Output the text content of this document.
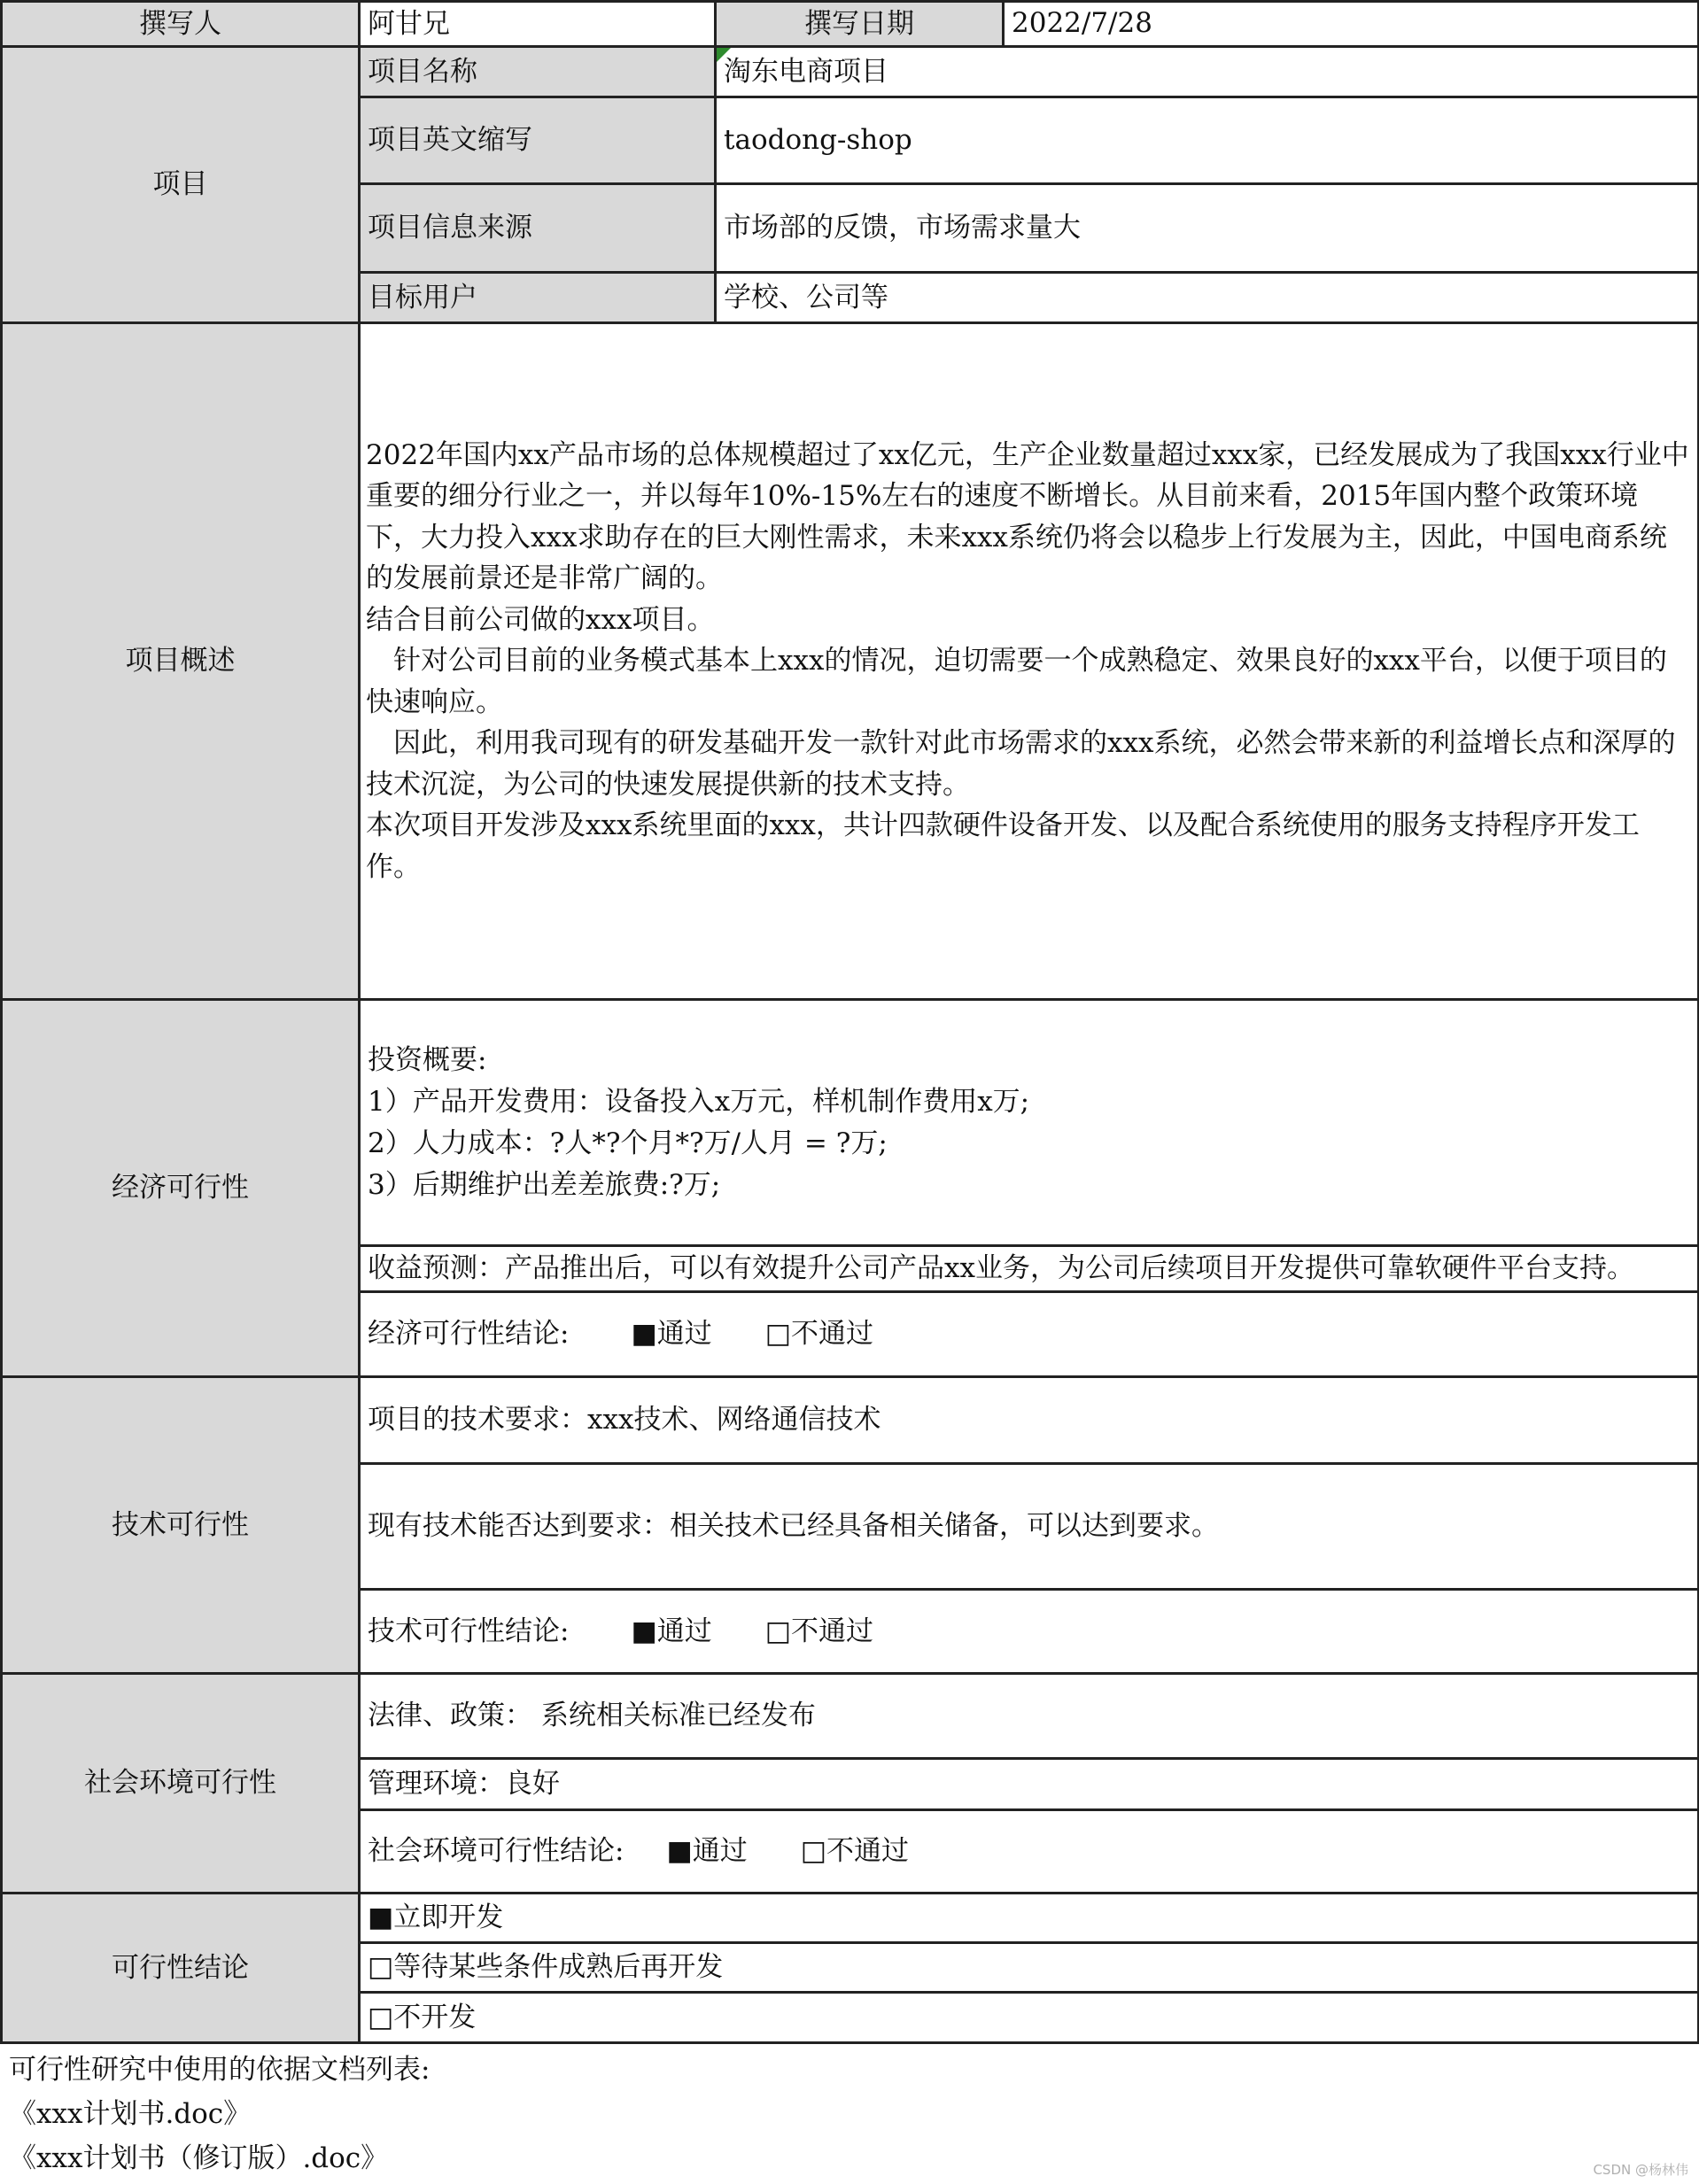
撰写人	阿甘兄	撰写日期	2022/7/28
项目	项目名称	淘东电商项目	
	项目英文缩写	taodong-shop	
	项目信息来源	市场部的反馈，市场需求量大	
	目标用户	学校、公司等	
项目概述	2022年国内xx产品市场的总体规模超过了xx亿元，生产企业数量超过xxx家，已经发展成为了我国xxx行业中重要的细分行业之一，并以每年10%-15%左右的速度不断增长。从目前来看，2015年国内整个政策环境下，大力投入xxx求助存在的巨大刚性需求，未来xxx系统仍将会以稳步上行发展为主，因此，中国电商系统的发展前景还是非常广阔的。
结合目前公司做的xxx项目。
　针对公司目前的业务模式基本上xxx的情况，迫切需要一个成熟稳定、效果良好的xxx平台，以便于项目的快速响应。
　因此，利用我司现有的研发基础开发一款针对此市场需求的xxx系统，必然会带来新的利益增长点和深厚的技术沉淀，为公司的快速发展提供新的技术支持。
本次项目开发涉及xxx系统里面的xxx，共计四款硬件设备开发、以及配合系统使用的服务支持程序开发工作。		

经济可行性	投资概要:
1）产品开发费用：设备投入x万元，样机制作费用x万;
2）人力成本：?人*?个月*?万/人月 = ?万;
3）后期维护出差差旅费:?万;		

	收益预测：产品推出后，可以有效提升公司产品xx业务，为公司后续项目开发提供可靠软硬件平台支持。		
	经济可行性结论: ■通过 □不通过		
技术可行性	项目的技术要求：xxx技术、网络通信技术		
	现有技术能否达到要求：相关技术已经具备相关储备，可以达到要求。		
	技术可行性结论: ■通过 □不通过		
社会环境可行性	法律、政策： 系统相关标准已经发布		
	管理环境：良好		
	社会环境可行性结论: ■通过 □不通过		
可行性结论	■立即开发		
	□等待某些条件成熟后再开发		
	□不开发		
可行性研究中使用的依据文档列表:
《xxx计划书.doc》
《xxx计划书（修订版）.doc》	CSDN @杨林伟
